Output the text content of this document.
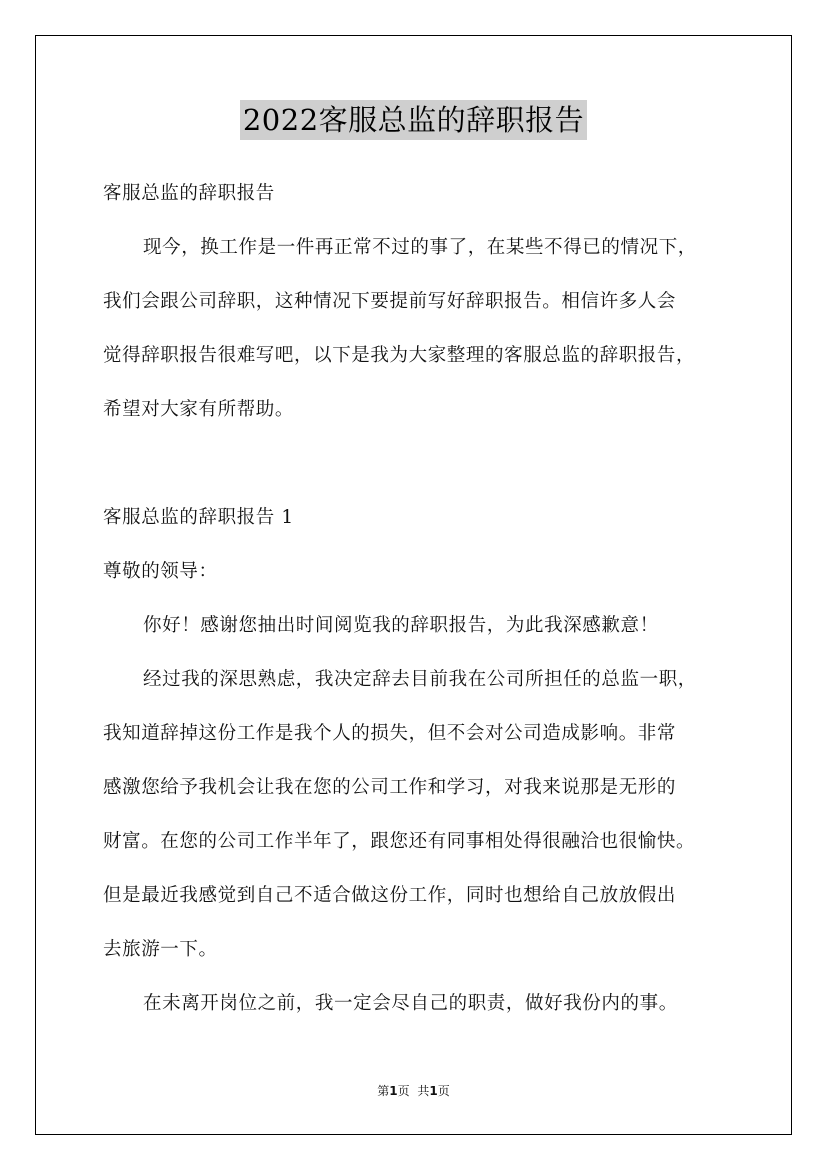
2022客服总监的辞职报告
客服总监的辞职报告
现今，换工作是一件再正常不过的事了，在某些不得已的情况下，
我们会跟公司辞职，这种情况下要提前写好辞职报告。相信许多人会
觉得辞职报告很难写吧，以下是我为大家整理的客服总监的辞职报告，
希望对大家有所帮助。
客服总监的辞职报告 1
尊敬的领导：
你好！感谢您抽出时间阅览我的辞职报告，为此我深感歉意！
经过我的深思熟虑，我决定辞去目前我在公司所担任的总监一职，
我知道辞掉这份工作是我个人的损失，但不会对公司造成影响。非常
感激您给予我机会让我在您的公司工作和学习，对我来说那是无形的
财富。在您的公司工作半年了，跟您还有同事相处得很融洽也很愉快。
但是最近我感觉到自己不适合做这份工作，同时也想给自己放放假出
去旅游一下。
在未离开岗位之前，我一定会尽自己的职责，做好我份内的事。
第1页 共1页
